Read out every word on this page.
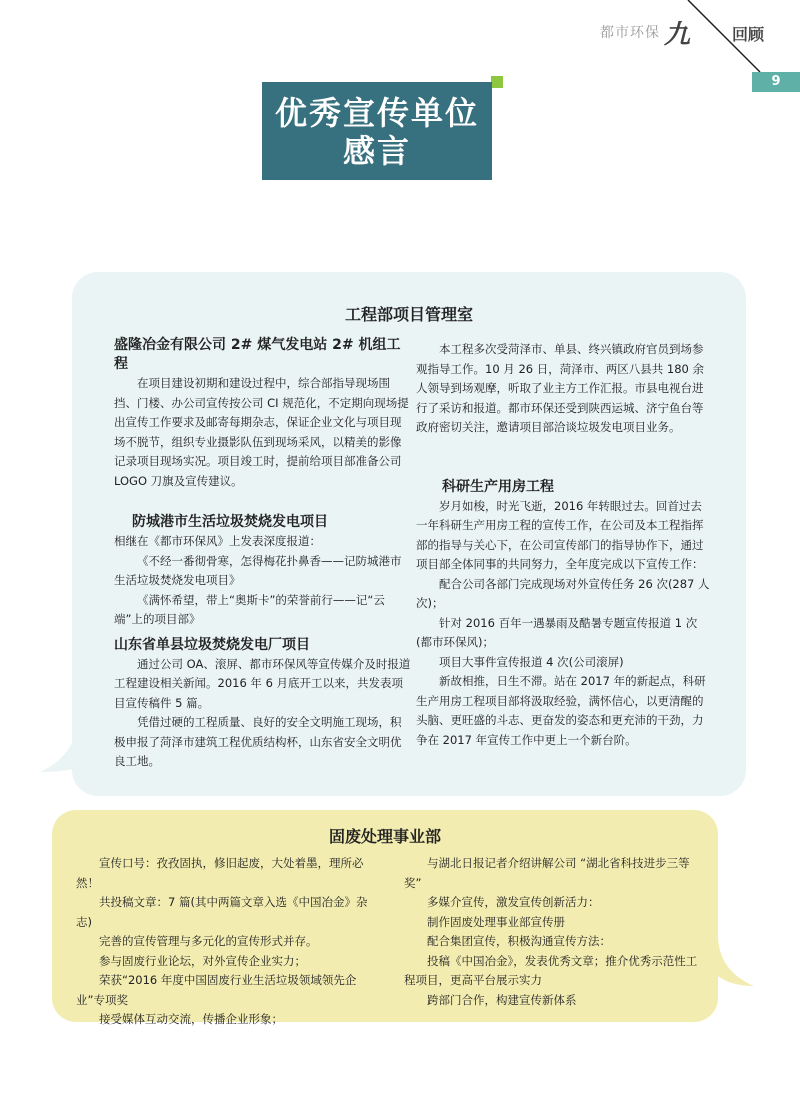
都市环保 九	回顾
9
优秀宣传单位
感言
工程部项目管理室

盛隆冶金有限公司 2# 煤气发电站 2# 机组工程

在项目建设初期和建设过程中，综合部指导现场围挡、门楼、办公司宣传按公司 CI 规范化，不定期向现场提出宣传工作要求及邮寄每期杂志，保证企业文化与项目现场不脱节，组织专业摄影队伍到现场采风，以精美的影像记录项目现场实况。项目竣工时，提前给项目部准备公司 LOGO 刀旗及宣传建议。

防城港市生活垃圾焚烧发电项目

相继在《都市环保风》上发表深度报道：

《不经一番彻骨寒，怎得梅花扑鼻香——记防城港市生活垃圾焚烧发电项目》

《满怀希望，带上“奥斯卡”的荣誉前行——记“云端”上的项目部》

山东省单县垃圾焚烧发电厂项目

通过公司 OA、滚屏、都市环保风等宣传媒介及时报道工程建设相关新闻。2016 年 6 月底开工以来，共发表项目宣传稿件 5 篇。

凭借过硬的工程质量、良好的安全文明施工现场，积极申报了菏泽市建筑工程优质结构杯，山东省安全文明优良工地。

本工程多次受菏泽市、单县、终兴镇政府官员到场参观指导工作。10 月 26 日，菏泽市、两区八县共 180 余人领导到场观摩，听取了业主方工作汇报。市县电视台进行了采访和报道。都市环保还受到陕西运城、济宁鱼台等政府密切关注，邀请项目部洽谈垃圾发电项目业务。

科研生产用房工程

岁月如梭，时光飞逝，2016 年转眼过去。回首过去一年科研生产用房工程的宣传工作，在公司及本工程指挥部的指导与关心下，在公司宣传部门的指导协作下，通过项目部全体同事的共同努力，全年度完成以下宣传工作：

配合公司各部门完成现场对外宣传任务 26 次(287 人次)；

针对 2016 百年一遇暴雨及酷暑专题宣传报道 1 次(都市环保风)；

项目大事件宣传报道 4 次(公司滚屏)

新故相推，日生不滞。站在 2017 年的新起点，科研生产用房工程项目部将汲取经验，满怀信心，以更清醒的头脑、更旺盛的斗志、更奋发的姿态和更充沛的干劲，力争在 2017 年宣传工作中更上一个新台阶。

固废处理事业部

宣传口号：孜孜固执，修旧起废，大处着墨，理所必然！

共投稿文章：7 篇(其中两篇文章入选《中国冶金》杂志)

完善的宣传管理与多元化的宣传形式并存。

参与固废行业论坛，对外宣传企业实力；

荣获“2016 年度中国固废行业生活垃圾领域领先企业”专项奖

接受媒体互动交流，传播企业形象；

与湖北日报记者介绍讲解公司 “湖北省科技进步三等奖”

多媒介宣传，激发宣传创新活力：

制作固废处理事业部宣传册

配合集团宣传，积极沟通宣传方法：

投稿《中国冶金》，发表优秀文章；推介优秀示范性工程项目，更高平台展示实力

跨部门合作，构建宣传新体系
